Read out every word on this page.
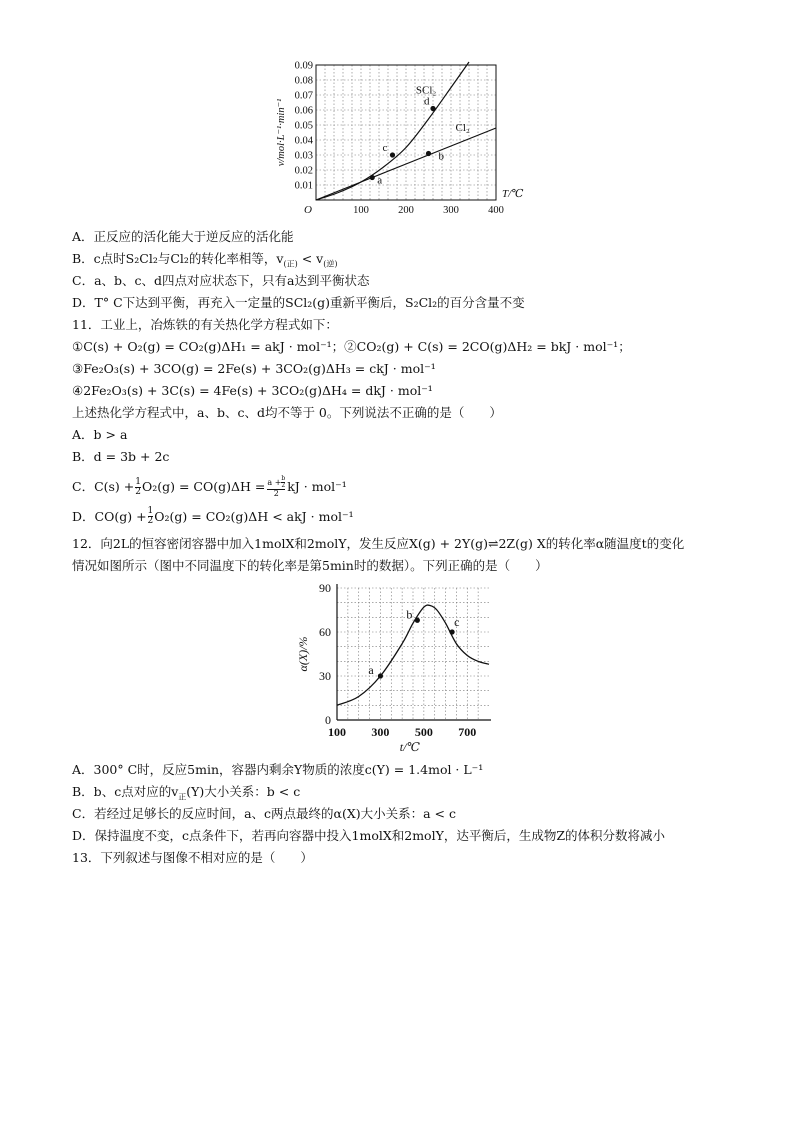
0.01
0.02
0.03
0.04
0.05
0.06
0.07
0.08
0.09
100	200	300	400
O
T/℃
v/mol·L⁻¹·min⁻¹
SCl₂
Cl₂
a
b
c
d
A．正反应的活化能大于逆反应的活化能
B．c点时S₂Cl₂与Cl₂的转化率相等，$v_{(正)} < v_{(逆)}$
C．a、b、c、d四点对应状态下，只有a达到平衡状态
D．T° C下达到平衡，再充入一定量的SCl₂(g)重新平衡后，S₂Cl₂的百分含量不变
11．工业上，冶炼铁的有关热化学方程式如下：
①C(s) + O₂(g) = CO₂(g)ΔH₁ = akJ · mol⁻¹；②CO₂(g) + C(s) = 2CO(g)ΔH₂ = bkJ · mol⁻¹；
③Fe₂O₃(s) + 3CO(g) = 2Fe(s) + 3CO₂(g)ΔH₃ = ckJ · mol⁻¹
④2Fe₂O₃(s) + 3C(s) = 4Fe(s) + 3CO₂(g)ΔH₄ = dkJ · mol⁻¹
上述热化学方程式中，a、b、c、d均不等于 0。下列说法不正确的是（　　）
A．b > a
B．d = 3b + 2c
C．$C(s) + \frac{1}{2} O_2(g) = CO(g)\Delta H = \frac{a + \frac{b}{2}}{2}$ kJ · mol⁻¹
D．$CO(g) + \frac{1}{2} O_2(g) = CO_2(g)\Delta H$ < akJ · mol⁻¹
12．向2L的恒容密闭容器中加入1molX和2molY，发生反应X(g) + 2Y(g)⇌2Z(g) X的转化率α随温度t的变化
情况如图所示（图中不同温度下的转化率是第5min时的数据）。下列正确的是（　　）
30
60
90
0
100 300 500 700
t/℃
α(X)/%	a
b
c
A．300° C时，反应5min，容器内剩余Y物质的浓度c(Y) = 1.4mol · L⁻¹
B．b、c点对应的$v_正(Y)$大小关系：b < c
C．若经过足够长的反应时间，a、c两点最终的α(X)大小关系：a < c
D．保持温度不变，c点条件下，若再向容器中投入1molX和2molY，达平衡后，生成物Z的体积分数将减小
13．下列叙述与图像不相对应的是（　　）
